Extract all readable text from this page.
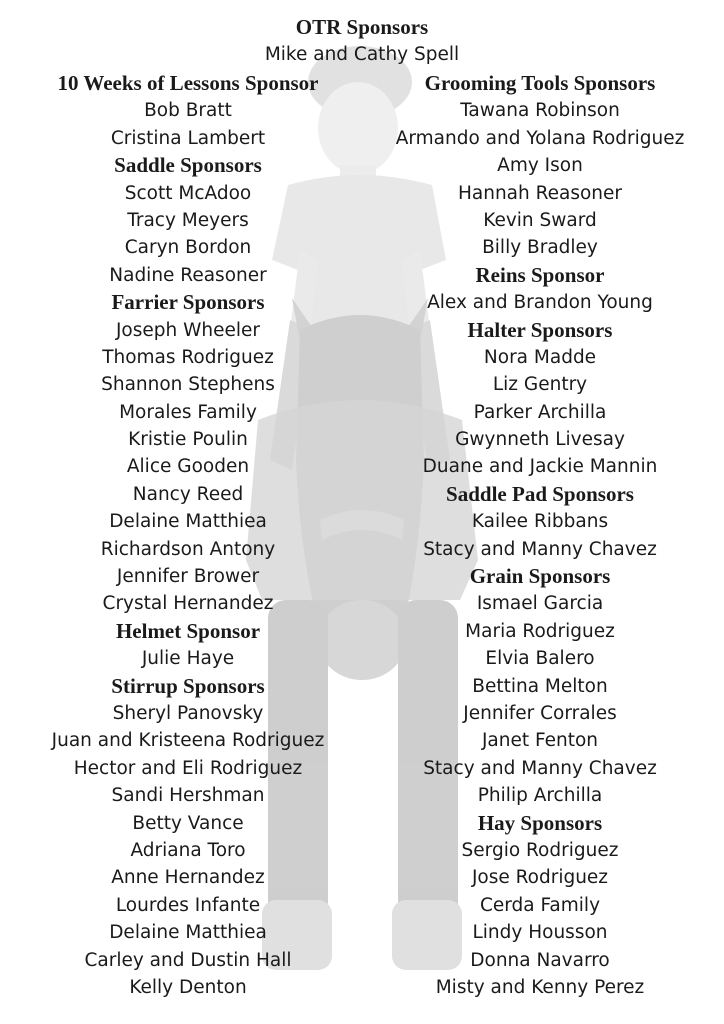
OTR Sponsors
Mike and Cathy Spell
10 Weeks of Lessons Sponsor
Bob Bratt
Cristina Lambert
Saddle Sponsors
Scott McAdoo
Tracy Meyers
Caryn Bordon
Nadine Reasoner
Farrier Sponsors
Joseph Wheeler
Thomas Rodriguez
Shannon Stephens
Morales Family
Kristie Poulin
Alice Gooden
Nancy Reed
Delaine Matthiea
Richardson Antony
Jennifer Brower
Crystal Hernandez
Helmet Sponsor
Julie Haye
Stirrup Sponsors
Sheryl Panovsky
Juan and Kristeena Rodriguez
Hector and Eli Rodriguez
Sandi Hershman
Betty Vance
Adriana Toro
Anne Hernandez
Lourdes Infante
Delaine Matthiea
Carley and Dustin Hall
Kelly Denton
Grooming Tools Sponsors
Tawana Robinson
Armando and Yolana Rodriguez
Amy Ison
Hannah Reasoner
Kevin Sward
Billy Bradley
Reins Sponsor
Alex and Brandon Young
Halter Sponsors
Nora Madde
Liz Gentry
Parker Archilla
Gwynneth Livesay
Duane and Jackie Mannin
Saddle Pad Sponsors
Kailee Ribbans
Stacy and Manny Chavez
Grain Sponsors
Ismael Garcia
Maria Rodriguez
Elvia Balero
Bettina Melton
Jennifer Corrales
Janet Fenton
Stacy and Manny Chavez
Philip Archilla
Hay Sponsors
Sergio Rodriguez
Jose Rodriguez
Cerda Family
Lindy Housson
Donna Navarro
Misty and Kenny Perez
